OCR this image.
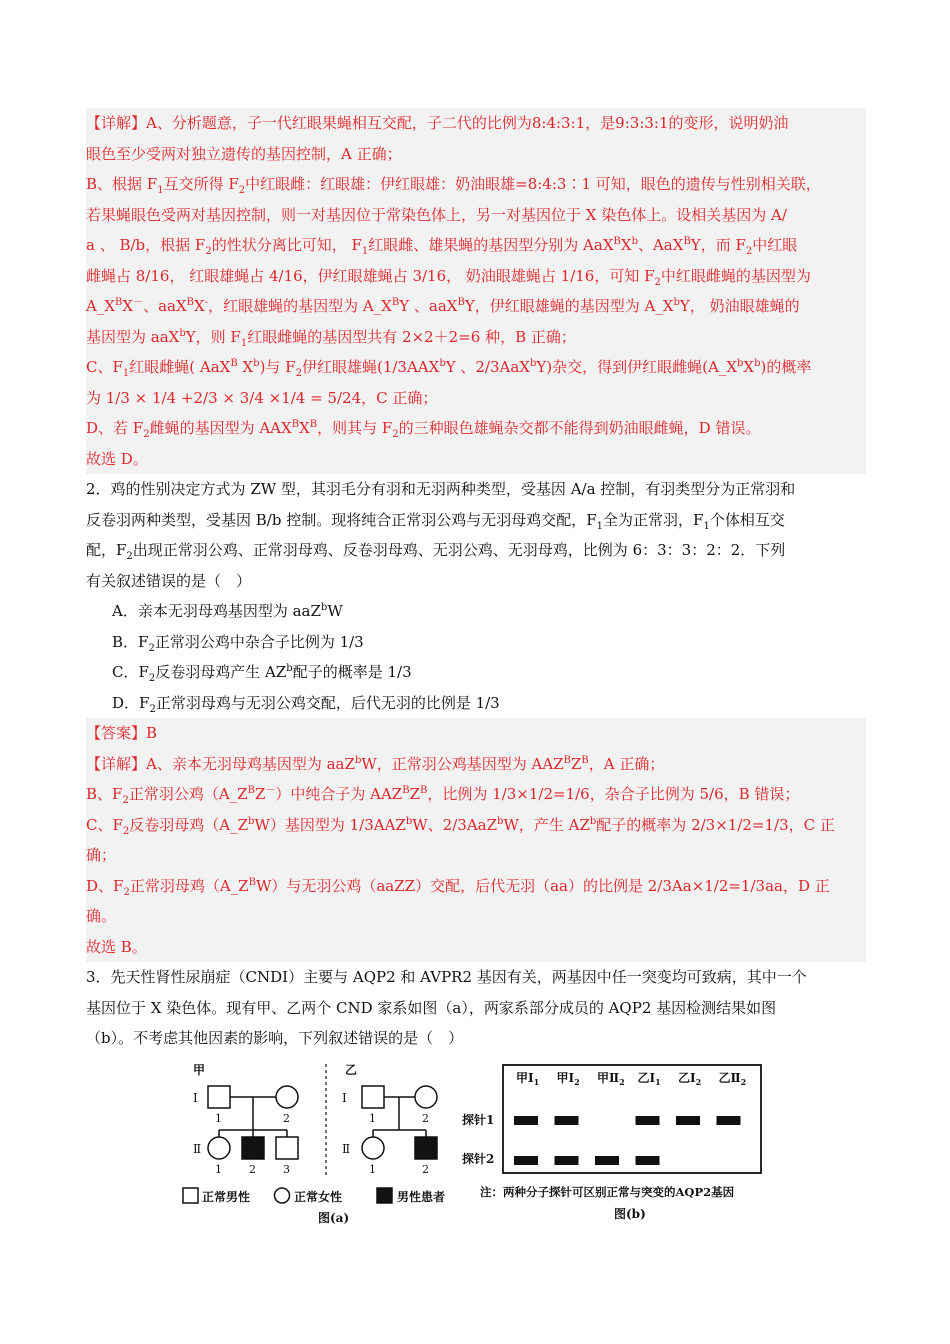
【详解】A、分析题意，子一代红眼果蝇相互交配，子二代的比例为8:4:3:1，是9:3:3:1的变形，说明奶油
眼色至少受两对独立遗传的基因控制，A 正确；
B、根据 $F_1$互交所得 $F_2$中红眼雌：红眼雄：伊红眼雄：奶油眼雄=8:4:3∶1 可知，眼色的遗传与性别相关联，
若果蝇眼色受两对基因控制，则一对基因位于常染色体上，另一对基因位于 X 染色体上。设相关基因为 A/
a 、 B/b，根据 $F_2$的性状分离比可知， $F_1$红眼雌、雄果蝇的基因型分别为 $AaX^BX^b$、AaX$^B$Y，而 $F_2$中红眼
雌蝇占 8/16， 红眼雄蝇占 4/16，伊红眼雄蝇占 3/16， 奶油眼雄蝇占 1/16，可知 $F_2$中红眼雌蝇的基因型为
$A\_X^BX^-$、aaX$^B$X-，红眼雄蝇的基因型为 $A\_X^BY$ 、aaX$^B$Y，伊红眼雄蝇的基因型为 $A\_X^bY$， 奶油眼雄蝇的
基因型为 aaX$^b$Y，则 $F_1$红眼雌蝇的基因型共有 2×2＋2=6 种，B 正确；
C、$F_1$红眼雌蝇( AaX$^B$ $X^b$)与 $F_2$伊红眼雄蝇(1/3AAX$^b$Y 、2/3AaX$^b$Y)杂交，得到伊红眼雌蝇$(A\_X^bX^b)$的概率
为 1/3 × 1/4 +2/3 × 3/4 ×1/4 = 5/24，C 正确；
D、若 $F_2$雌蝇的基因型为 $AAX^BX^B$，则其与 $F_2$的三种眼色雄蝇杂交都不能得到奶油眼雌蝇，D 错误。
故选 D。
2．鸡的性别决定方式为 ZW 型，其羽毛分有羽和无羽两种类型，受基因 A/a 控制，有羽类型分为正常羽和
反卷羽两种类型，受基因 B/b 控制。现将纯合正常羽公鸡与无羽母鸡交配，$F_1$全为正常羽，$F_1$个体相互交
配，$F_2$出现正常羽公鸡、正常羽母鸡、反卷羽母鸡、无羽公鸡、无羽母鸡，比例为 6：3：3：2：2．下列
有关叙述错误的是（　）
A．亲本无羽母鸡基因型为 aaZ$^b$W
B．$F_2$正常羽公鸡中杂合子比例为 1/3
C．$F_2$反卷羽母鸡产生 $AZ^b$配子的概率是 1/3
D．$F_2$正常羽母鸡与无羽公鸡交配，后代无羽的比例是 1/3
【答案】B
【详解】A、亲本无羽母鸡基因型为 aaZ$^b$W，正常羽公鸡基因型为 $AAZ^BZ^B$，A 正确；
B、$F_2$正常羽公鸡$(A\_Z^BZ^-)$中纯合子为 $AAZ^BZ^B$，比例为 1/3×1/2=1/6，杂合子比例为 5/6，B 错误；
C、$F_2$反卷羽母鸡$(A\_Z^bW)$基因型为 1/3AAZ$^b$W、2/3AaZ$^b$W，产生 $AZ^b$配子的概率为 2/3×1/2=1/3，C 正
确；
D、$F_2$正常羽母鸡$(A\_Z^BW)$与无羽公鸡（aaZZ）交配，后代无羽（aa）的比例是 2/3Aa×1/2=1/3aa，D 正
确。
故选 B。
3．先天性肾性尿崩症（CNDI）主要与 AQP2 和 AVPR2 基因有关，两基因中任一突变均可致病，其中一个
基因位于 X 染色体。现有甲、乙两个 CND 家系如图（a），两家系部分成员的 AQP2 基因检测结果如图
（b）。不考虑其他因素的影响，下列叙述错误的是（　）
甲
Ⅰ
Ⅱ
1	2
1 2 3
乙
Ⅰ
Ⅱ
1	2
1	2
正常男性	正常女性	男性患者
图(a)
甲$Ⅰ_1$ 甲$Ⅰ_2$ 甲$Ⅱ_2$ 乙$Ⅰ_1$ 乙$Ⅰ_2$ 乙$Ⅱ_2$
探针1
探针2
注：两种分子探针可区别正常与突变的AQP2基因
图(b)
